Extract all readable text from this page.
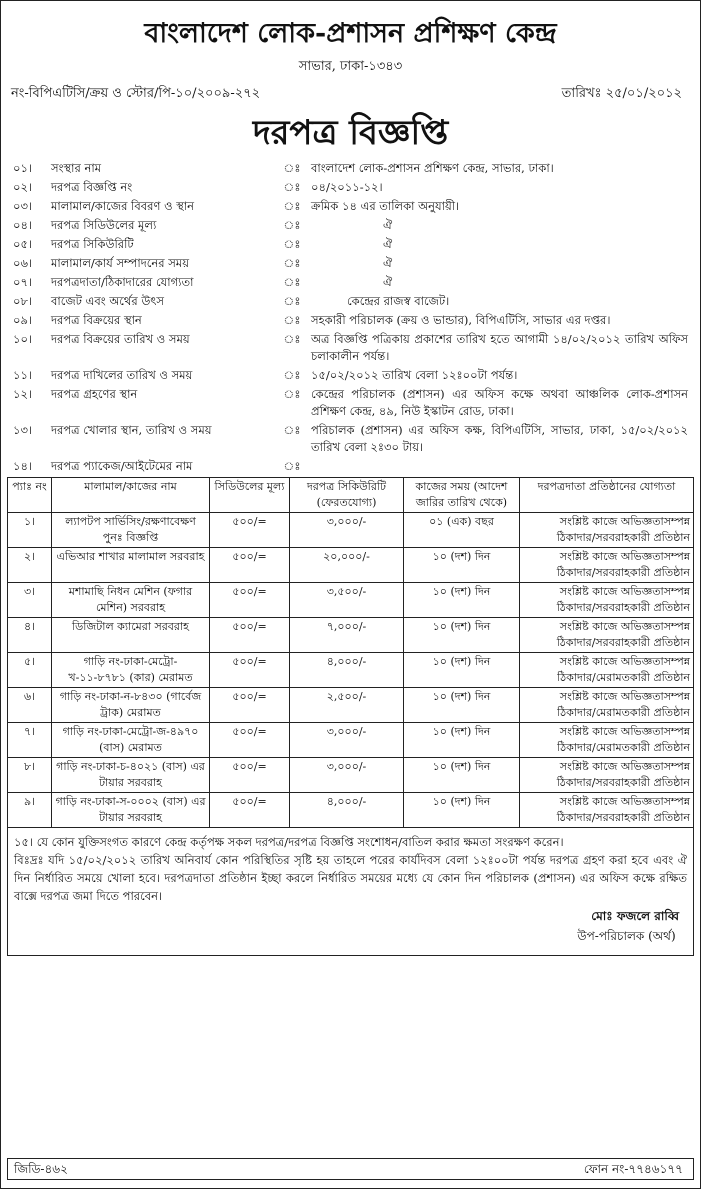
বাংলাদেশ লোক-প্রশাসন প্রশিক্ষণ কেন্দ্র
সাভার, ঢাকা-১৩৪৩
নং-বিপিএটিসি/ক্রয় ও স্টোর/পি-১০/২০০৯-২৭২	তারিখঃ ২৫/০১/২০১২
দরপত্র বিজ্ঞপ্তি
০১।	সংস্থার নাম	ঃ বাংলাদেশ লোক-প্রশাসন প্রশিক্ষণ কেন্দ্র, সাভার, ঢাকা।
০২।	দরপত্র বিজ্ঞপ্তি নং	ঃ ০৪/২০১১-১২।
০৩।	মালামাল/কাজের বিবরণ ও স্থান	ঃ ক্রমিক ১৪ এর তালিকা অনুযায়ী।
০৪।	দরপত্র সিডিউলের মূল্য	ঃ	ঐ
০৫।	দরপত্র সিকিউরিটি	ঃ	ঐ
০৬।	মালামাল/কার্য সম্পাদনের সময়	ঃ	ঐ
০৭।	দরপত্রদাতা/ঠিকাদারের যোগ্যতা	ঃ	ঐ
০৮।	বাজেট এবং অর্থের উৎস	ঃ	কেন্দ্রের রাজস্ব বাজেট।
০৯।	দরপত্র বিক্রয়ের স্থান	ঃ সহকারী পরিচালক (ক্রয় ও ভান্ডার), বিপিএটিসি, সাভার এর দপ্তর।
১০।	দরপত্র বিক্রয়ের তারিখ ও সময়	ঃ অত্র বিজ্ঞপ্তি পত্রিকায় প্রকাশের তারিখ হতে আগামী ১৪/০২/২০১২ তারিখ অফিস চলাকালীন পর্যন্ত।
১১।	দরপত্র দাখিলের তারিখ ও সময়	ঃ ১৫/০২/২০১২ তারিখ বেলা ১২ঃ০০টা পর্যন্ত।
১২।	দরপত্র গ্রহণের স্থান	ঃ কেন্দ্রের পরিচালক (প্রশাসন) এর অফিস কক্ষে অথবা আঞ্চলিক লোক-প্রশাসন প্রশিক্ষণ কেন্দ্র, ৪৯, নিউ ইস্কাটন রোড, ঢাকা।
১৩।	দরপত্র খোলার স্থান, তারিখ ও সময়	ঃ পরিচালক (প্রশাসন) এর অফিস কক্ষ, বিপিএটিসি, সাভার, ঢাকা, ১৫/০২/২০১২ তারিখ বেলা ২ঃ৩০ টায়।
১৪।	দরপত্র প্যাকেজ/আইটেমের নাম	ঃ
প্যাঃ নং	মালামাল/কাজের নাম	সিডিউলের মূল্য	দরপত্র সিকিউরিটি (ফেরতযোগ্য)	কাজের সময় (আদেশ জারির তারিখ থেকে)	দরপত্রদাতা প্রতিষ্ঠানের যোগ্যতা
১।	ল্যাপটপ সার্ভিসিং/রক্ষণাবেক্ষণ পুনঃ বিজ্ঞপ্তি	৫০০/=	৩,০০০/-	০১ (এক) বছর	সংশ্লিষ্ট কাজে অভিজ্ঞতাসম্পন্ন ঠিকাদার/সরবরাহকারী প্রতিষ্ঠান
২।	এভিআর শাখার মালামাল সরবরাহ	৫০০/=	২০,০০০/-	১০ (দশ) দিন	সংশ্লিষ্ট কাজে অভিজ্ঞতাসম্পন্ন ঠিকাদার/সরবরাহকারী প্রতিষ্ঠান
৩।	মশামাছি নিধন মেশিন (ফগার মেশিন) সরবরাহ	৫০০/=	৩,৫০০/-	১০ (দশ) দিন	সংশ্লিষ্ট কাজে অভিজ্ঞতাসম্পন্ন ঠিকাদার/সরবরাহকারী প্রতিষ্ঠান
৪।	ডিজিটাল ক্যামেরা সরবরাহ	৫০০/=	৭,০০০/-	১০ (দশ) দিন	সংশ্লিষ্ট কাজে অভিজ্ঞতাসম্পন্ন ঠিকাদার/সরবরাহকারী প্রতিষ্ঠান
৫।	গাড়ি নং-ঢাকা-মেট্রো-খ-১১-৮৭৮১ (কার) মেরামত	৫০০/=	৪,০০০/-	১০ (দশ) দিন	সংশ্লিষ্ট কাজে অভিজ্ঞতাসম্পন্ন ঠিকাদার/মেরামতকারী প্রতিষ্ঠান
৬।	গাড়ি নং-ঢাকা-ন-৮৪৩০ (গার্বেজ ট্রাক) মেরামত	৫০০/=	২,৫০০/-	১০ (দশ) দিন	সংশ্লিষ্ট কাজে অভিজ্ঞতাসম্পন্ন ঠিকাদার/মেরামতকারী প্রতিষ্ঠান
৭।	গাড়ি নং-ঢাকা-মেট্রো-জ-৪৯৭০ (বাস) মেরামত	৫০০/=	৩,০০০/-	১০ (দশ) দিন	সংশ্লিষ্ট কাজে অভিজ্ঞতাসম্পন্ন ঠিকাদার/মেরামতকারী প্রতিষ্ঠান
৮।	গাড়ি নং-ঢাকা-চ-৪০২১ (বাস) এর টায়ার সরবরাহ	৫০০/=	৩,০০০/-	১০ (দশ) দিন	সংশ্লিষ্ট কাজে অভিজ্ঞতাসম্পন্ন ঠিকাদার/সরবরাহকারী প্রতিষ্ঠান
৯।	গাড়ি নং-ঢাকা-স-০০০২ (বাস) এর টায়ার সরবরাহ	৫০০/=	৪,০০০/-	১০ (দশ) দিন	সংশ্লিষ্ট কাজে অভিজ্ঞতাসম্পন্ন ঠিকাদার/সরবরাহকারী প্রতিষ্ঠান
১৫। যে কোন যুক্তিসংগত কারণে কেন্দ্র কর্তৃপক্ষ সকল দরপত্র/দরপত্র বিজ্ঞপ্তি সংশোধন/বাতিল করার ক্ষমতা সংরক্ষণ করেন।
বিঃদ্রঃ যদি ১৫/০২/২০১২ তারিখ অনিবার্য কোন পরিস্থিতির সৃষ্টি হয় তাহলে পরের কার্যদিবস বেলা ১২ঃ০০টা পর্যন্ত দরপত্র গ্রহণ করা হবে এবং ঐ দিন নির্ধারিত সময়ে খোলা হবে। দরপত্রদাতা প্রতিষ্ঠান ইচ্ছা করলে নির্ধারিত সময়ের মধ্যে যে কোন দিন পরিচালক (প্রশাসন) এর অফিস কক্ষে রক্ষিত বাক্সে দরপত্র জমা দিতে পারবেন।
মোঃ ফজলে রাব্বি
উপ-পরিচালক (অর্থ)
জিডি-৪৬২	ফোন নং-৭৭৪৬১৭৭
